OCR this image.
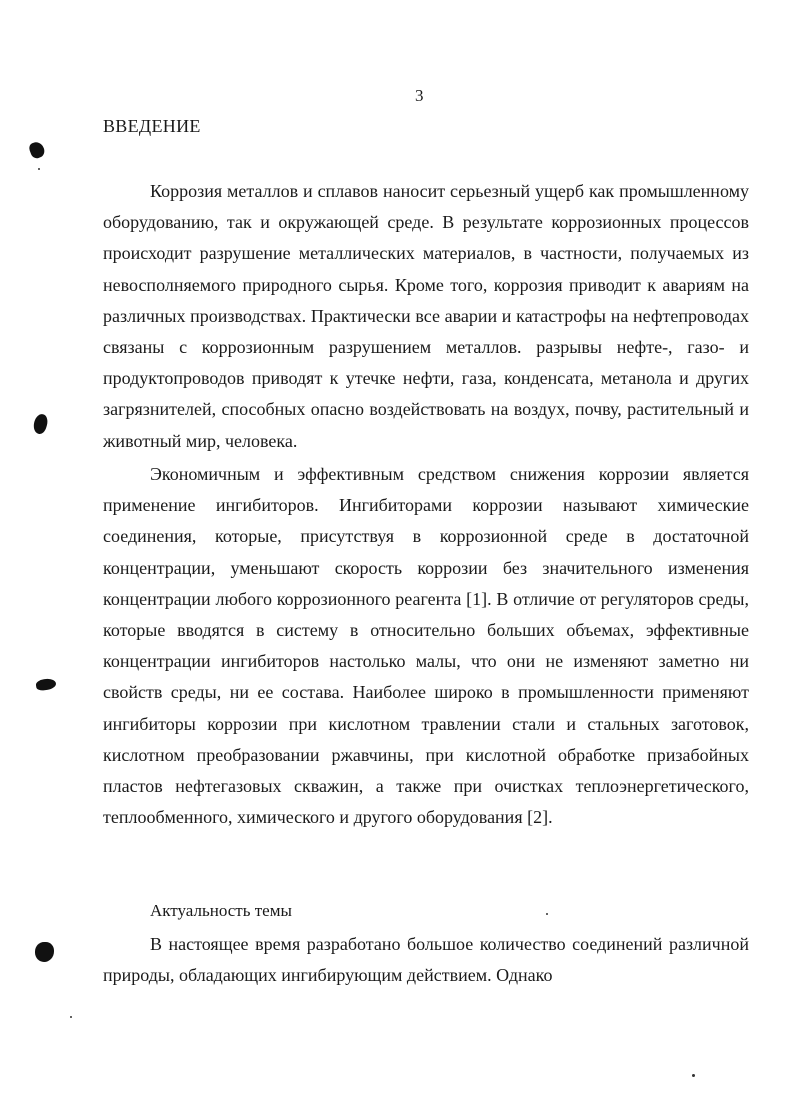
3
ВВЕДЕНИЕ

Коррозия металлов и сплавов наносит серьезный ущерб как промышленному оборудованию, так и окружающей среде. В результате коррозионных процессов происходит разрушение металлических материалов, в частности, получаемых из невосполняемого природного сырья. Кроме того, коррозия приводит к авариям на различных производствах. Практически все аварии и катастрофы на нефтепроводах связаны с коррозионным разрушением металлов. разрывы нефте-, газо- и продуктопроводов приводят к утечке нефти, газа, конденсата, метанола и других загрязнителей, способных опасно воздействовать на воздух, почву, растительный и животный мир, человека.

Экономичным и эффективным средством снижения коррозии является применение ингибиторов. Ингибиторами коррозии называют химические соединения, которые, присутствуя в коррозионной среде в достаточной концентрации, уменьшают скорость коррозии без значительного изменения концентрации любого коррозионного реагента [1]. В отличие от регуляторов среды, которые вводятся в систему в относительно больших объемах, эффективные концентрации ингибиторов настолько малы, что они не изменяют заметно ни свойств среды, ни ее состава. Наиболее широко в промышленности применяют ингибиторы коррозии при кислотном травлении стали и стальных заготовок, кислотном преобразовании ржавчины, при кислотной обработке призабойных пластов нефтегазовых скважин, а также при очистках теплоэнергетического, теплообменного, химического и другого оборудования [2].

Актуальность темы

В настоящее время разработано большое количество соединений различной природы, обладающих ингибирующим действием. Однако
